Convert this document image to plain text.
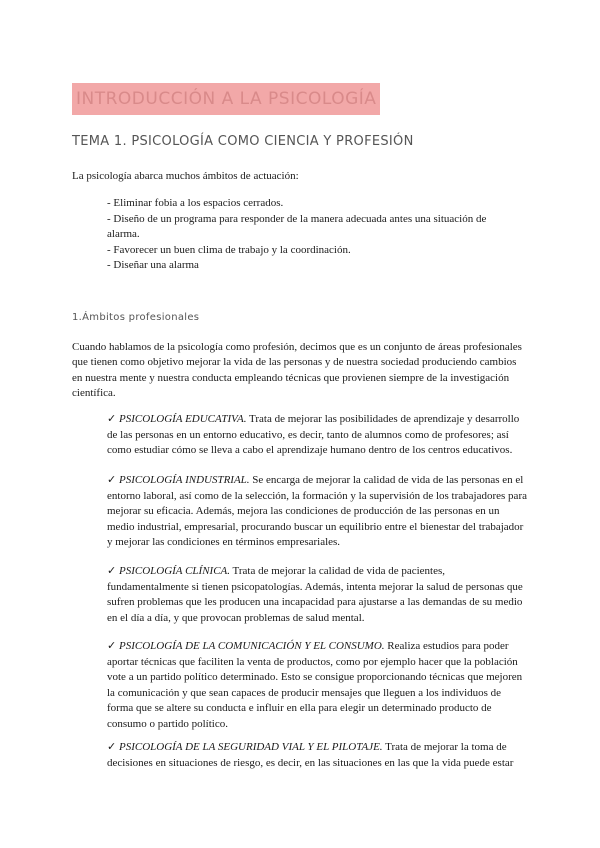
INTRODUCCIÓN A LA PSICOLOGÍA
TEMA 1. PSICOLOGÍA COMO CIENCIA Y PROFESIÓN
La psicología abarca muchos ámbitos de actuación:
- Eliminar fobia a los espacios cerrados.
- Diseño de un programa para responder de la manera adecuada antes una situación de alarma.
- Favorecer un buen clima de trabajo y la coordinación.
- Diseñar una alarma
1.Ámbitos profesionales
Cuando hablamos de la psicología como profesión, decimos que es un conjunto de áreas profesionales que tienen como objetivo mejorar la vida de las personas y de nuestra sociedad produciendo cambios en nuestra mente y nuestra conducta empleando técnicas que provienen siempre de la investigación científica.
✓ PSICOLOGÍA EDUCATIVA. Trata de mejorar las posibilidades de aprendizaje y desarrollo de las personas en un entorno educativo, es decir, tanto de alumnos como de profesores; así como estudiar cómo se lleva a cabo el aprendizaje humano dentro de los centros educativos.
✓ PSICOLOGÍA INDUSTRIAL. Se encarga de mejorar la calidad de vida de las personas en el entorno laboral, así como de la selección, la formación y la supervisión de los trabajadores para mejorar su eficacia. Además, mejora las condiciones de producción de las personas en un medio industrial, empresarial, procurando buscar un equilibrio entre el bienestar del trabajador y mejorar las condiciones en términos empresariales.
✓ PSICOLOGÍA CLÍNICA. Trata de mejorar la calidad de vida de pacientes, fundamentalmente si tienen psicopatologías. Además, intenta mejorar la salud de personas que sufren problemas que les producen una incapacidad para ajustarse a las demandas de su medio en el día a día, y que provocan problemas de salud mental.
✓ PSICOLOGÍA DE LA COMUNICACIÓN Y EL CONSUMO. Realiza estudios para poder aportar técnicas que faciliten la venta de productos, como por ejemplo hacer que la población vote a un partido político determinado. Esto se consigue proporcionando técnicas que mejoren la comunicación y que sean capaces de producir mensajes que lleguen a los individuos de forma que se altere su conducta e influir en ella para elegir un determinado producto de consumo o partido político.
✓ PSICOLOGÍA DE LA SEGURIDAD VIAL Y EL PILOTAJE. Trata de mejorar la toma de decisiones en situaciones de riesgo, es decir, en las situaciones en las que la vida puede estar
